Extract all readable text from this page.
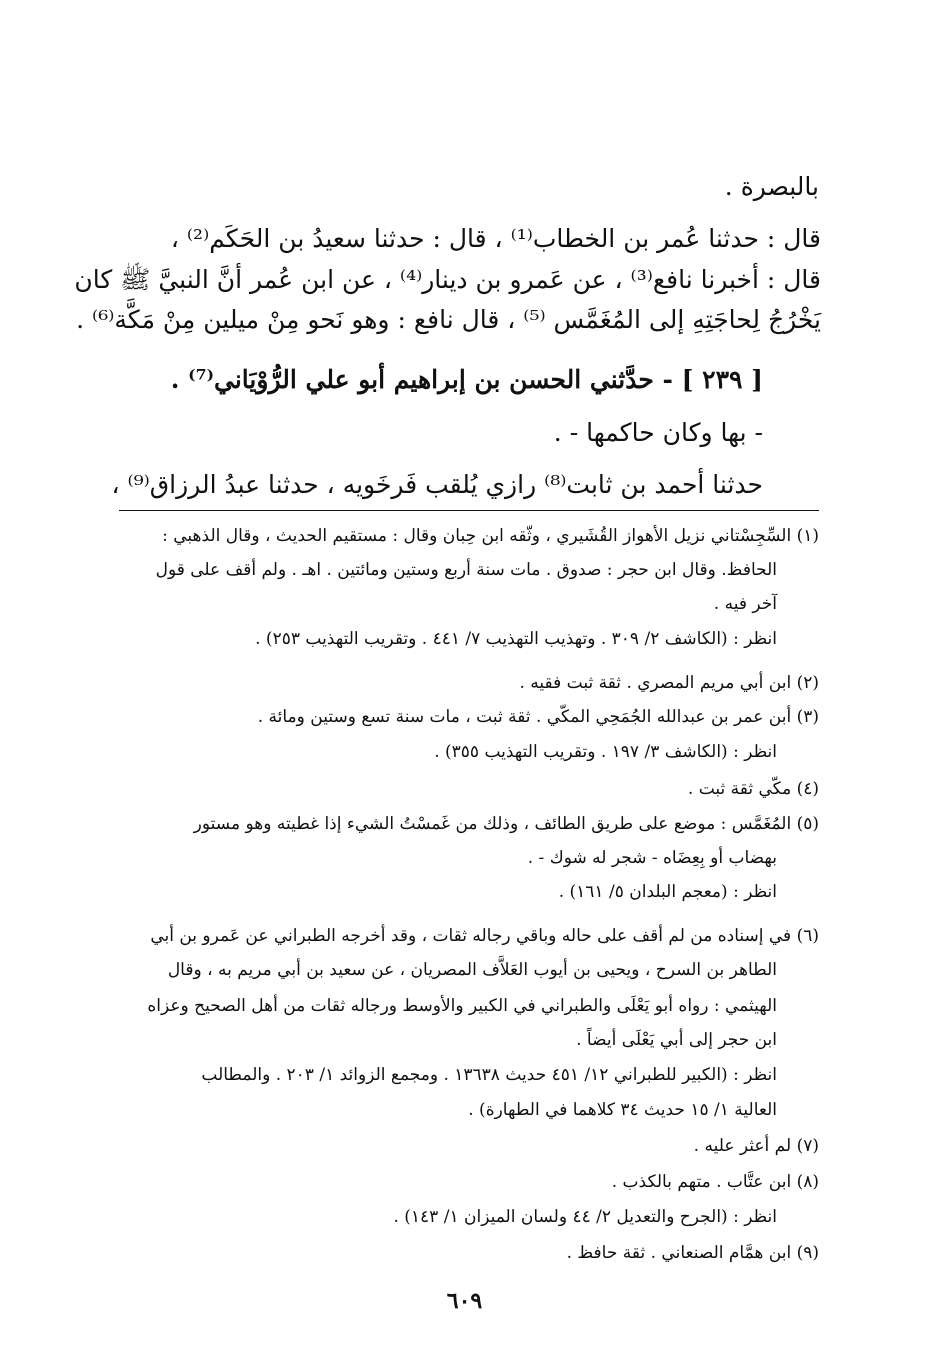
بالبصرة .
قال : حدثنا عُمر بن الخطاب⁽¹⁾ ، قال : حدثنا سعيدُ بن الحَكَم⁽²⁾ ،
قال : أخبرنا نافع⁽³⁾ ، عن عَمرو بن دينار⁽⁴⁾ ، عن ابن عُمر أنَّ النبيَّ ﷺ كان
يَخْرُجُ لِحاجَتِهِ إلى المُغَمَّس ⁽⁵⁾ ، قال نافع : وهو نَحو مِنْ ميلين مِنْ مَكَّة⁽⁶⁾ .
[ ٢٣٩ ] - حدَّثني الحسن بن إبراهيم أبو علي الرُّوْيَاني⁽⁷⁾ .
- بها وكان حاكمها - .
حدثنا أحمد بن ثابت⁽⁸⁾ رازي يُلقب فَرخَويه ، حدثنا عبدُ الرزاق⁽⁹⁾ ،
(١) السِّجِسْتاني نزيل الأهواز القُشَيري ، وثّقه ابن حِبان وقال : مستقيم الحديث ، وقال الذهبي :
الحافظ. وقال ابن حجر : صدوق . مات سنة أربع وستين ومائتين . اهـ . ولم أقف على قول
آخر فيه .
انظر : (الكاشف ٢/ ٣٠٩ . وتهذيب التهذيب ٧/ ٤٤١ . وتقريب التهذيب ٢٥٣) .
(٢) ابن أبي مريم المصري . ثقة ثبت فقيه .
(٣) أبن عمر بن عبدالله الجُمَحِي المكّي . ثقة ثبت ، مات سنة تسع وستين ومائة .
انظر : (الكاشف ٣/ ١٩٧ . وتقريب التهذيب ٣٥٥) .
(٤) مكّي ثقة ثبت .
(٥) المُغَمَّس : موضع على طريق الطائف ، وذلك من غَمسْتُ الشيء إذا غطيته وهو مستور
بهضاب أو بِعِضَاه - شجر له شوك - .
انظر : (معجم البلدان ٥/ ١٦١) .
(٦) في إسناده من لم أقف على حاله وباقي رجاله ثقات ، وقد أخرجه الطبراني عن عَمرو بن أبي
الطاهر بن السرح ، ويحيى بن أيوب العَلاَّف المصريان ، عن سعيد بن أبي مريم به ، وقال
الهيثمي : رواه أبو يَعْلَى والطبراني في الكبير والأوسط ورجاله ثقات من أهل الصحيح وعزاه
ابن حجر إلى أبي يَعْلَى أيضاً .
انظر : (الكبير للطبراني ١٢/ ٤٥١ حديث ١٣٦٣٨ . ومجمع الزوائد ١/ ٢٠٣ . والمطالب
العالية ١/ ١٥ حديث ٣٤ كلاهما في الطهارة) .
(٧) لم أعثر عليه .
(٨) ابن عتَّاب . متهم بالكذب .
انظر : (الجرح والتعديل ٢/ ٤٤ ولسان الميزان ١/ ١٤٣) .
(٩) ابن همَّام الصنعاني . ثقة حافظ .
٦٠٩
